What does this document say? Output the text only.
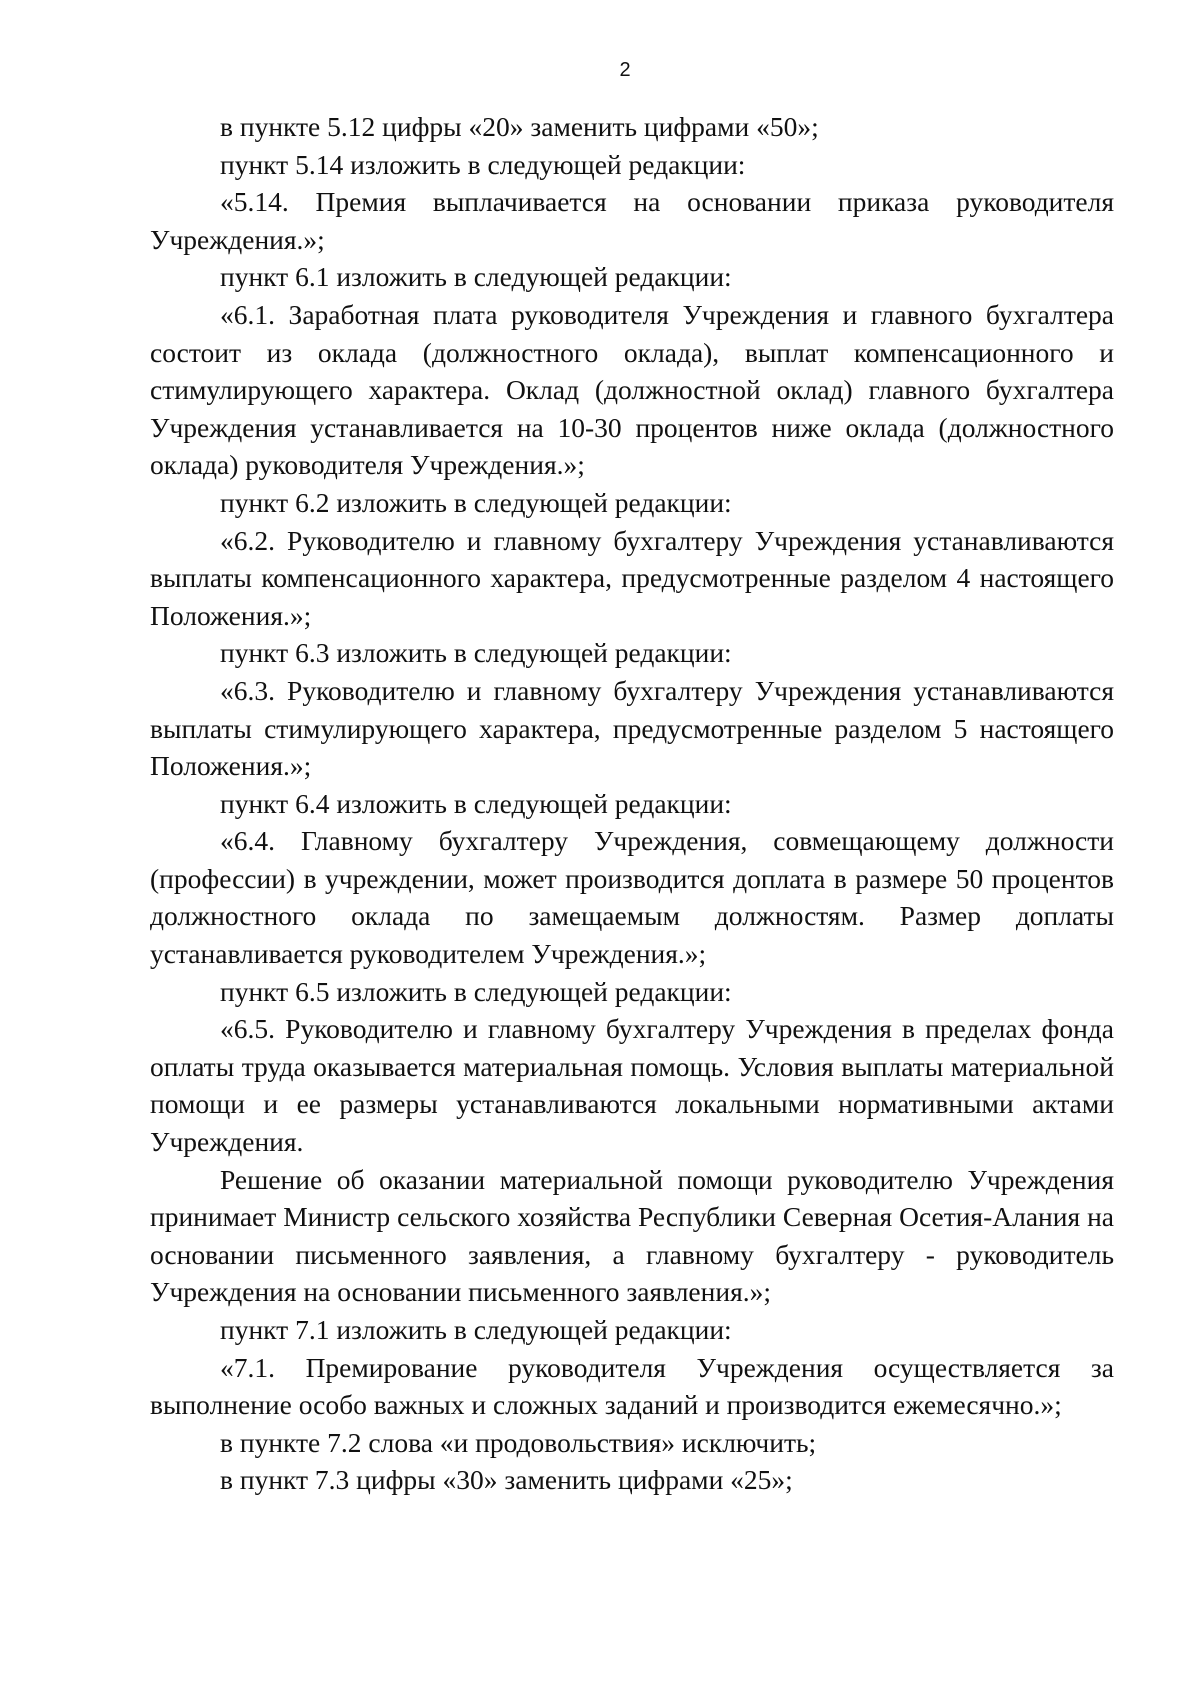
2

в пункте 5.12 цифры «20» заменить цифрами «50»;

пункт 5.14 изложить в следующей редакции:

«5.14. Премия выплачивается на основании приказа руководителя Учреждения.»;

пункт 6.1 изложить в следующей редакции:

«6.1. Заработная плата руководителя Учреждения и главного бухгалтера состоит из оклада (должностного оклада), выплат компенсационного и стимулирующего характера. Оклад (должностной оклад) главного бухгалтера Учреждения устанавливается на 10-30 процентов ниже оклада (должностного оклада) руководителя Учреждения.»;

пункт 6.2 изложить в следующей редакции:

«6.2. Руководителю и главному бухгалтеру Учреждения устанавливаются выплаты компенсационного характера, предусмотренные разделом 4 настоящего Положения.»;

пункт 6.3 изложить в следующей редакции:

«6.3. Руководителю и главному бухгалтеру Учреждения устанавливаются выплаты стимулирующего характера, предусмотренные разделом 5 настоящего Положения.»;

пункт 6.4 изложить в следующей редакции:

«6.4. Главному бухгалтеру Учреждения, совмещающему должности (профессии) в учреждении, может производится доплата в размере 50 процентов должностного оклада по замещаемым должностям. Размер доплаты устанавливается руководителем Учреждения.»;

пункт 6.5 изложить в следующей редакции:

«6.5. Руководителю и главному бухгалтеру Учреждения в пределах фонда оплаты труда оказывается материальная помощь. Условия выплаты материальной помощи и ее размеры устанавливаются локальными нормативными актами Учреждения.

Решение об оказании материальной помощи руководителю Учреждения принимает Министр сельского хозяйства Республики Северная Осетия-Алания на основании письменного заявления, а главному бухгалтеру - руководитель Учреждения на основании письменного заявления.»;

пункт 7.1 изложить в следующей редакции:

«7.1. Премирование руководителя Учреждения осуществляется за выполнение особо важных и сложных заданий и производится ежемесячно.»;

в пункте 7.2 слова «и продовольствия» исключить;

в пункт 7.3 цифры «30» заменить цифрами «25»;
